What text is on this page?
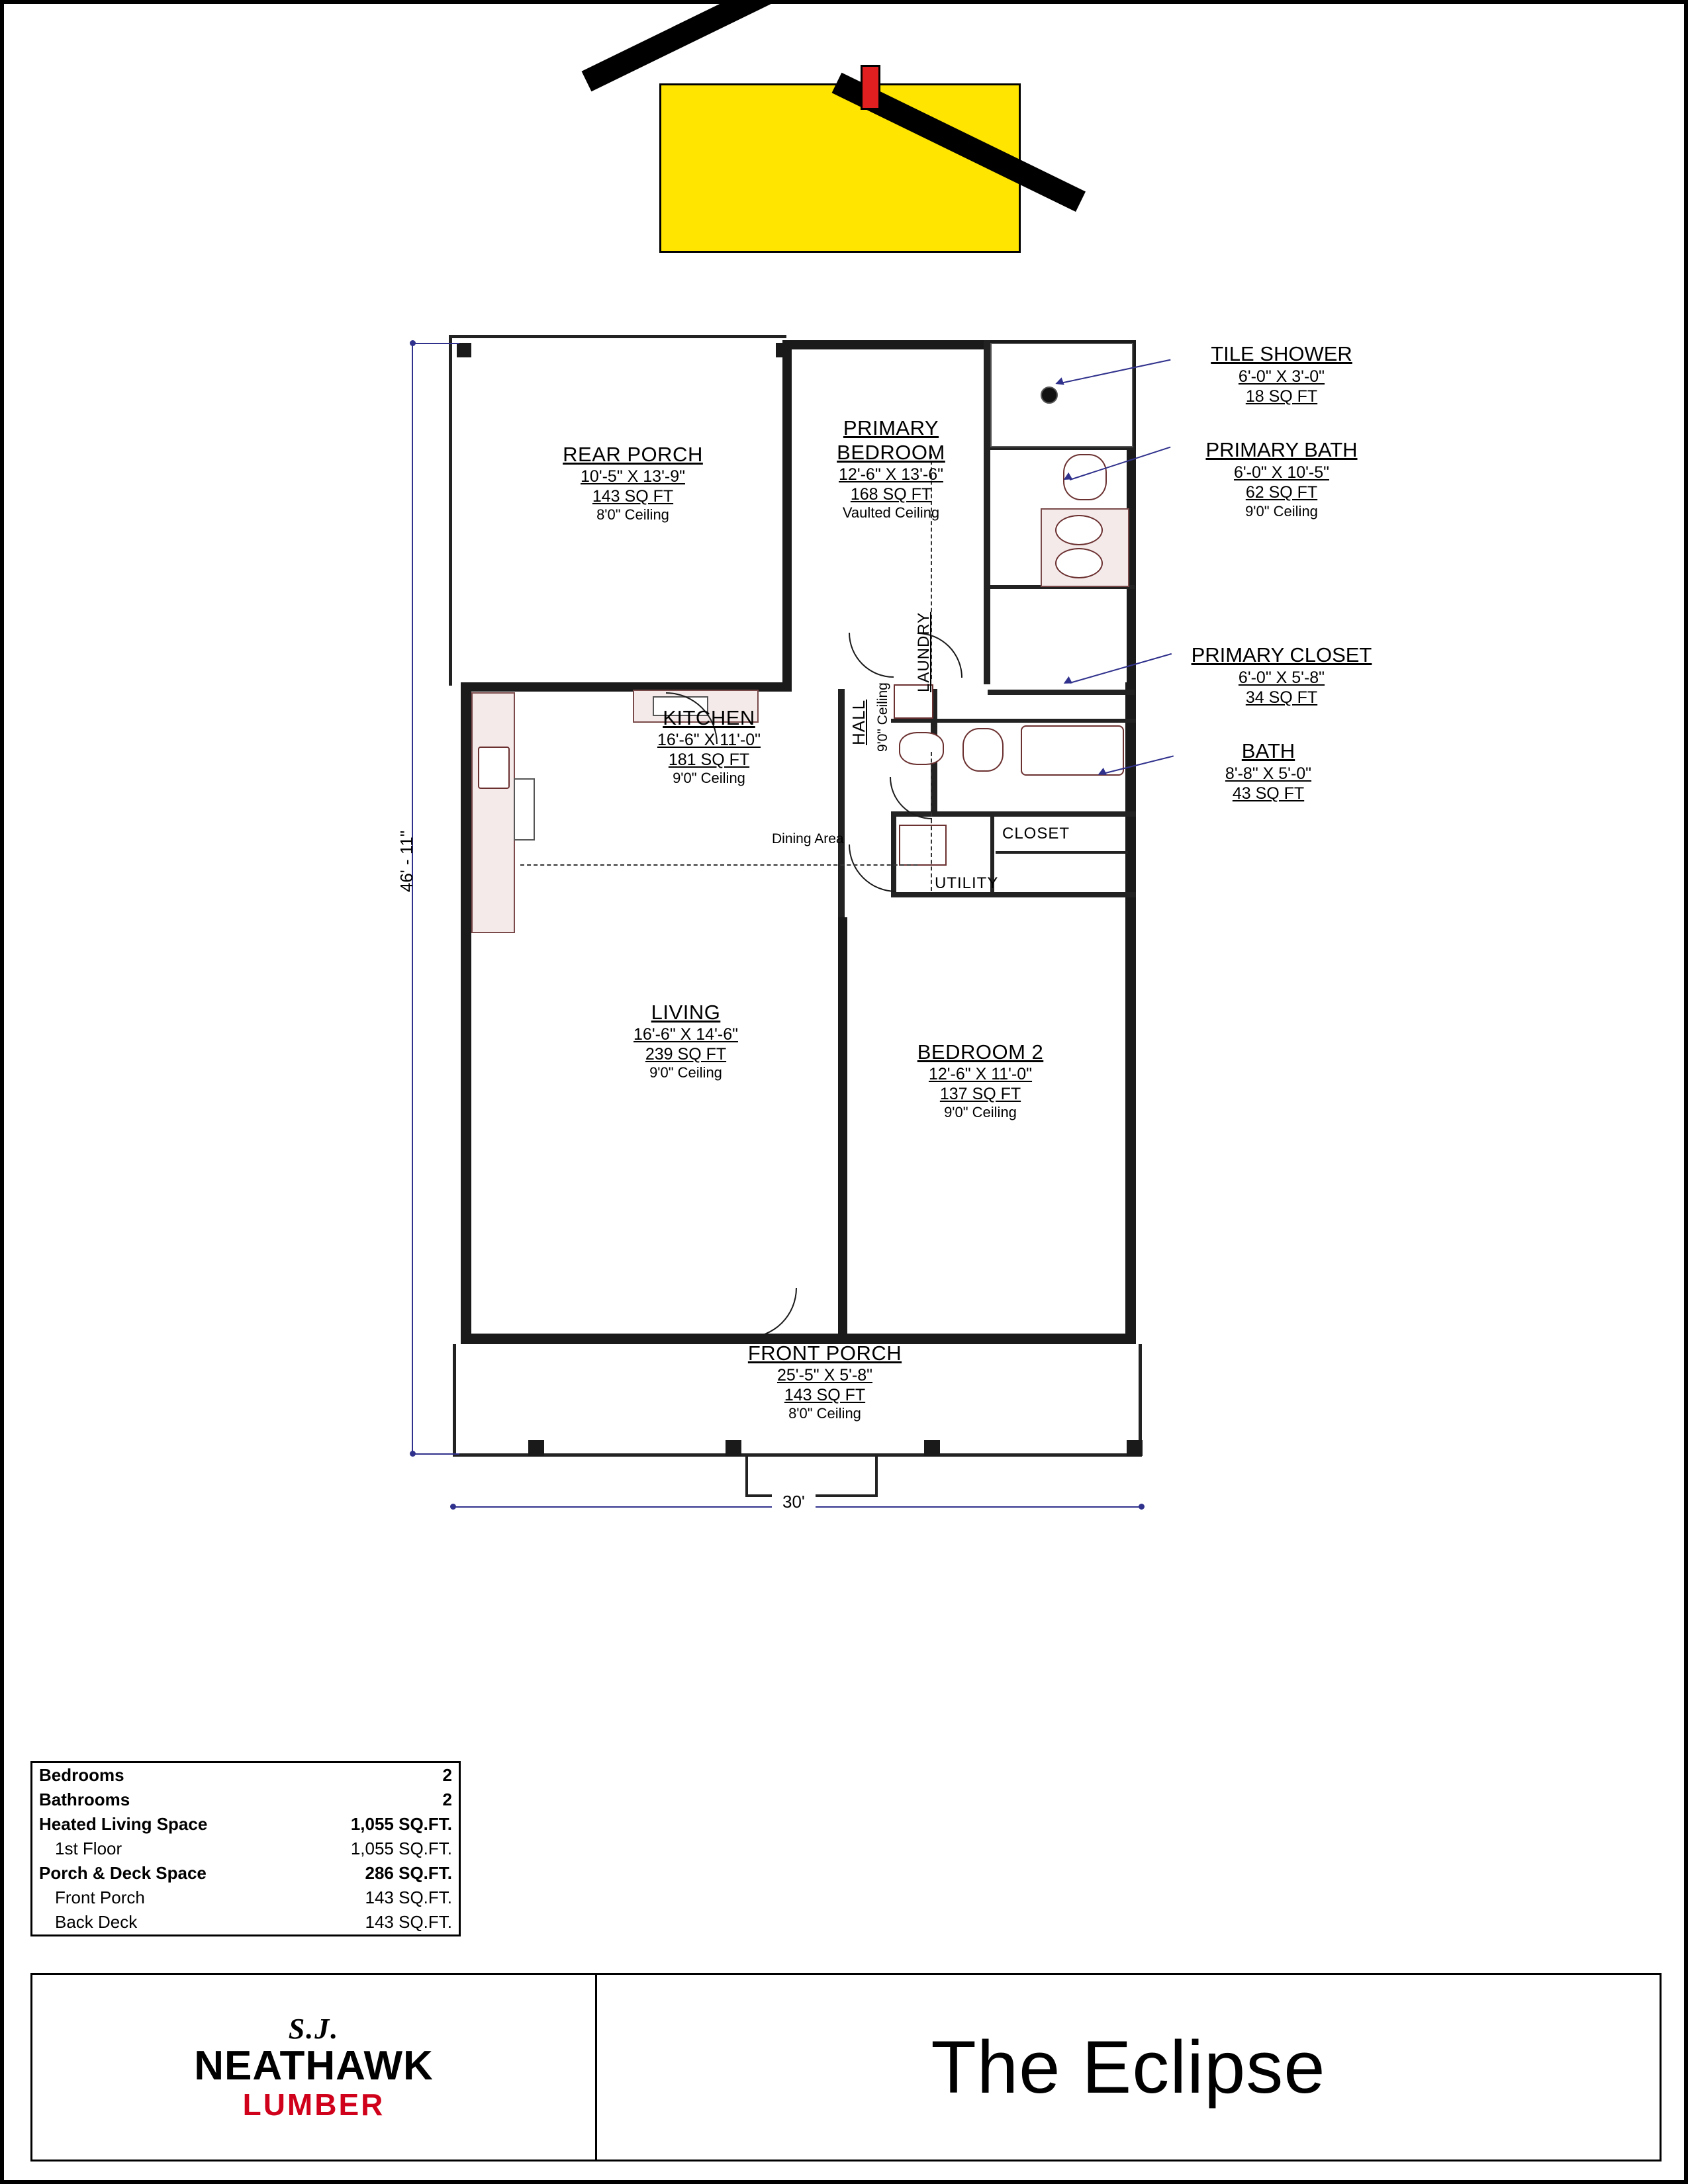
REAR PORCH
10'-5" X 13'-9"
143 SQ FT
8'0" Ceiling
PRIMARY BEDROOM
12'-6" X 13'-6"
168 SQ FT
Vaulted Ceiling
KITCHEN
16'-6" X 11'-0"
181 SQ FT
9'0" Ceiling
LIVING
16'-6" X 14'-6"
239 SQ FT
9'0" Ceiling
BEDROOM 2
12'-6" X 11'-0"
137 SQ FT
9'0" Ceiling
FRONT PORCH
25'-5" X 5'-8"
143 SQ FT
8'0" Ceiling
Dining Area
HALL 9'0" Ceiling
LAUNDRY
CLOSET
UTILITY
TILE SHOWER
6'-0" X 3'-0"
18 SQ FT
PRIMARY BATH
6'-0" X 10'-5"
62 SQ FT
9'0" Ceiling
PRIMARY CLOSET
6'-0" X 5'-8"
34 SQ FT
BATH
8'-8" X 5'-0"
43 SQ FT
46' - 11"
30'
Bedrooms	2
Bathrooms	2
Heated Living Space	1,055 SQ.FT.
1st Floor	1,055 SQ.FT.
Porch & Deck Space	286 SQ.FT.
Front Porch	143 SQ.FT.
Back Deck	143 SQ.FT.
S.J.
NEATHAWK
LUMBER	The Eclipse
